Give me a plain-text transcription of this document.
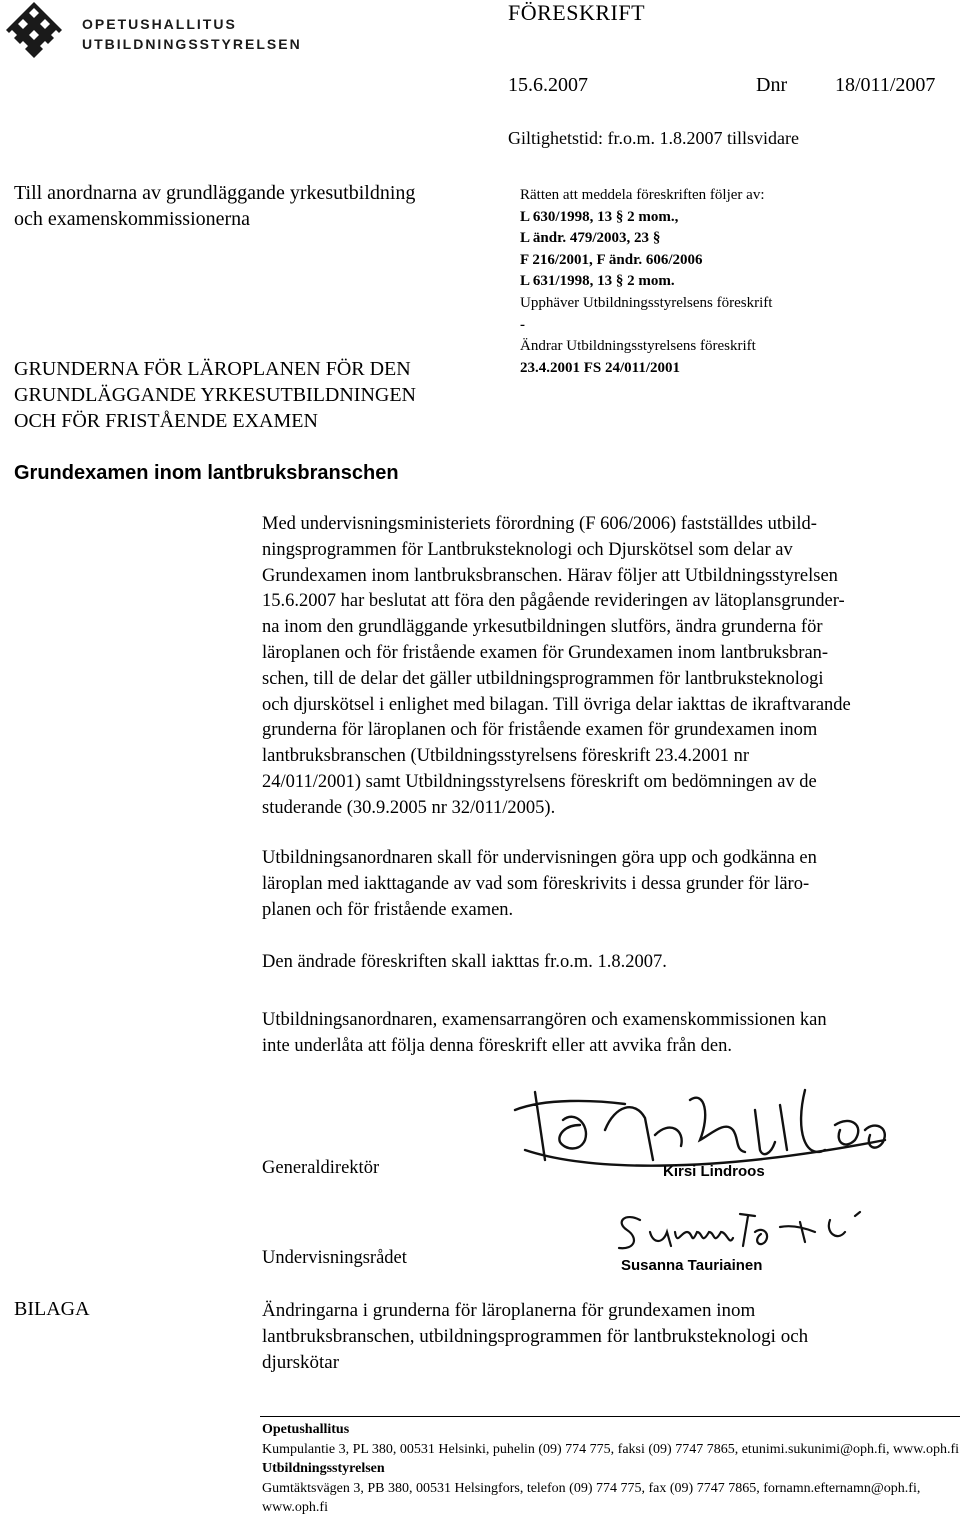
OPETUSHALLITUS
UTBILDNINGSSTYRELSEN
FÖRESKRIFT
15.6.2007	Dnr 18/011/2007
Giltighetstid: fr.o.m. 1.8.2007 tillsvidare
Till anordnarna av grundläggande yrkesutbildning
och examenskommissionerna
GRUNDERNA FÖR LÄROPLANEN FÖR DEN
GRUNDLÄGGANDE YRKESUTBILDNINGEN
OCH FÖR FRISTÅENDE EXAMEN
Rätten att meddela föreskriften följer av:
L 630/1998, 13 § 2 mom.,
L ändr. 479/2003, 23 §
F 216/2001, F ändr. 606/2006
L 631/1998, 13 § 2 mom.
Upphäver Utbildningsstyrelsens föreskrift
-
Ändrar Utbildningsstyrelsens föreskrift
23.4.2001 FS 24/011/2001
Grundexamen inom lantbruksbranschen
Med undervisningsministeriets förordning (F 606/2006) fastställdes utbild-
ningsprogrammen för Lantbruksteknologi och Djurskötsel som delar av
Grundexamen inom lantbruksbranschen. Härav följer att Utbildningsstyrelsen
15.6.2007 har beslutat att föra den pågående revideringen av lätoplansgrunder-
na inom den grundläggande yrkesutbildningen slutförs, ändra grunderna för
läroplanen och för fristående examen för Grundexamen inom lantbruksbran-
schen, till de delar det gäller utbildningsprogrammen för lantbruksteknologi
och djurskötsel i enlighet med bilagan. Till övriga delar iakttas de ikraftvarande
grunderna för läroplanen och för fristående examen för grundexamen inom
lantbruksbranschen (Utbildningsstyrelsens föreskrift 23.4.2001 nr
24/011/2001) samt Utbildningsstyrelsens föreskrift om bedömningen av de
studerande (30.9.2005 nr 32/011/2005).
Utbildningsanordnaren skall för undervisningen göra upp och godkänna en
läroplan med iakttagande av vad som föreskrivits i dessa grunder för läro-
planen och för fristående examen.
Den ändrade föreskriften skall iakttas fr.o.m. 1.8.2007.
Utbildningsanordnaren, examensarrangören och examenskommissionen kan
inte underlåta att följa denna föreskrift eller att avvika från den.
Kirsi Lindroos
Generaldirektör
Susanna Tauriainen
Undervisningsrådet
BILAGA	Ändringarna i grunderna för läroplanerna för grundexamen inom
lantbruksbranschen, utbildningsprogrammen för lantbruksteknologi och
djurskötar
Opetushallitus
Kumpulantie 3, PL 380, 00531 Helsinki, puhelin (09) 774 775, faksi (09) 7747 7865, etunimi.sukunimi@oph.fi, www.oph.fi
Utbildningsstyrelsen
Gumtäktsvägen 3, PB 380, 00531 Helsingfors, telefon (09) 774 775, fax (09) 7747 7865, fornamn.efternamn@oph.fi, www.oph.fi
